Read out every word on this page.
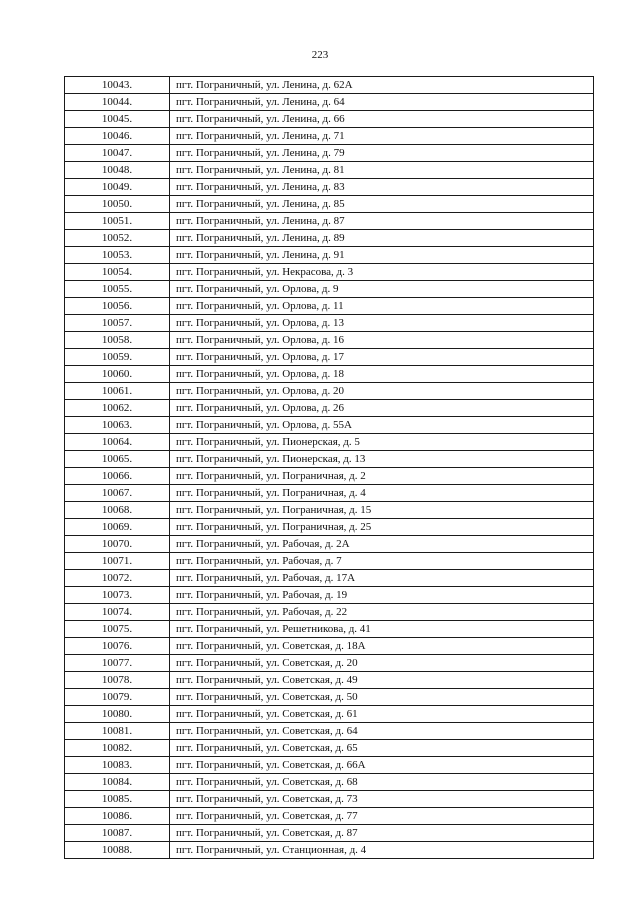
223
10043.	пгт. Пограничный, ул. Ленина, д. 62А
10044.	пгт. Пограничный, ул. Ленина, д. 64
10045.	пгт. Пограничный, ул. Ленина, д. 66
10046.	пгт. Пограничный, ул. Ленина, д. 71
10047.	пгт. Пограничный, ул. Ленина, д. 79
10048.	пгт. Пограничный, ул. Ленина, д. 81
10049.	пгт. Пограничный, ул. Ленина, д. 83
10050.	пгт. Пограничный, ул. Ленина, д. 85
10051.	пгт. Пограничный, ул. Ленина, д. 87
10052.	пгт. Пограничный, ул. Ленина, д. 89
10053.	пгт. Пограничный, ул. Ленина, д. 91
10054.	пгт. Пограничный, ул. Некрасова, д. 3
10055.	пгт. Пограничный, ул. Орлова, д. 9
10056.	пгт. Пограничный, ул. Орлова, д. 11
10057.	пгт. Пограничный, ул. Орлова, д. 13
10058.	пгт. Пограничный, ул. Орлова, д. 16
10059.	пгт. Пограничный, ул. Орлова, д. 17
10060.	пгт. Пограничный, ул. Орлова, д. 18
10061.	пгт. Пограничный, ул. Орлова, д. 20
10062.	пгт. Пограничный, ул. Орлова, д. 26
10063.	пгт. Пограничный, ул. Орлова, д. 55А
10064.	пгт. Пограничный, ул. Пионерская, д. 5
10065.	пгт. Пограничный, ул. Пионерская, д. 13
10066.	пгт. Пограничный, ул. Пограничная, д. 2
10067.	пгт. Пограничный, ул. Пограничная, д. 4
10068.	пгт. Пограничный, ул. Пограничная, д. 15
10069.	пгт. Пограничный, ул. Пограничная, д. 25
10070.	пгт. Пограничный, ул. Рабочая, д. 2А
10071.	пгт. Пограничный, ул. Рабочая, д. 7
10072.	пгт. Пограничный, ул. Рабочая, д. 17А
10073.	пгт. Пограничный, ул. Рабочая, д. 19
10074.	пгт. Пограничный, ул. Рабочая, д. 22
10075.	пгт. Пограничный, ул. Решетникова, д. 41
10076.	пгт. Пограничный, ул. Советская, д. 18А
10077.	пгт. Пограничный, ул. Советская, д. 20
10078.	пгт. Пограничный, ул. Советская, д. 49
10079.	пгт. Пограничный, ул. Советская, д. 50
10080.	пгт. Пограничный, ул. Советская, д. 61
10081.	пгт. Пограничный, ул. Советская, д. 64
10082.	пгт. Пограничный, ул. Советская, д. 65
10083.	пгт. Пограничный, ул. Советская, д. 66А
10084.	пгт. Пограничный, ул. Советская, д. 68
10085.	пгт. Пограничный, ул. Советская, д. 73
10086.	пгт. Пограничный, ул. Советская, д. 77
10087.	пгт. Пограничный, ул. Советская, д. 87
10088.	пгт. Пограничный, ул. Станционная, д. 4
